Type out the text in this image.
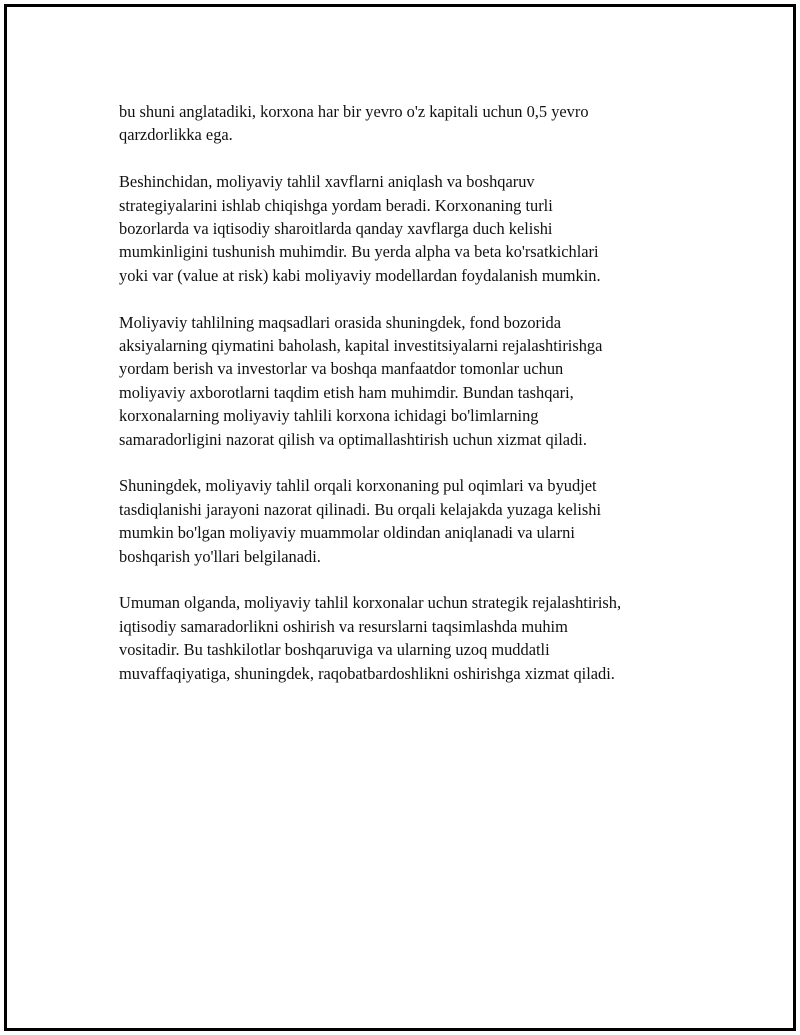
bu shuni anglatadiki, korxona har bir yevro o'z kapitali uchun 0,5 yevro
qarzdorlikka ega.

Beshinchidan, moliyaviy tahlil xavflarni aniqlash va boshqaruv
strategiyalarini ishlab chiqishga yordam beradi. Korxonaning turli
bozorlarda va iqtisodiy sharoitlarda qanday xavflarga duch kelishi
mumkinligini tushunish muhimdir. Bu yerda alpha va beta ko'rsatkichlari
yoki var (value at risk) kabi moliyaviy modellardan foydalanish mumkin.

Moliyaviy tahlilning maqsadlari orasida shuningdek, fond bozorida
aksiyalarning qiymatini baholash, kapital investitsiyalarni rejalashtirishga
yordam berish va investorlar va boshqa manfaatdor tomonlar uchun
moliyaviy axborotlarni taqdim etish ham muhimdir. Bundan tashqari,
korxonalarning moliyaviy tahlili korxona ichidagi bo'limlarning
samaradorligini nazorat qilish va optimallashtirish uchun xizmat qiladi.

Shuningdek, moliyaviy tahlil orqali korxonaning pul oqimlari va byudjet
tasdiqlanishi jarayoni nazorat qilinadi. Bu orqali kelajakda yuzaga kelishi
mumkin bo'lgan moliyaviy muammolar oldindan aniqlanadi va ularni
boshqarish yo'llari belgilanadi.

Umuman olganda, moliyaviy tahlil korxonalar uchun strategik rejalashtirish,
iqtisodiy samaradorlikni oshirish va resurslarni taqsimlashda muhim
vositadir. Bu tashkilotlar boshqaruviga va ularning uzoq muddatli
muvaffaqiyatiga, shuningdek, raqobatbardoshlikni oshirishga xizmat qiladi.
